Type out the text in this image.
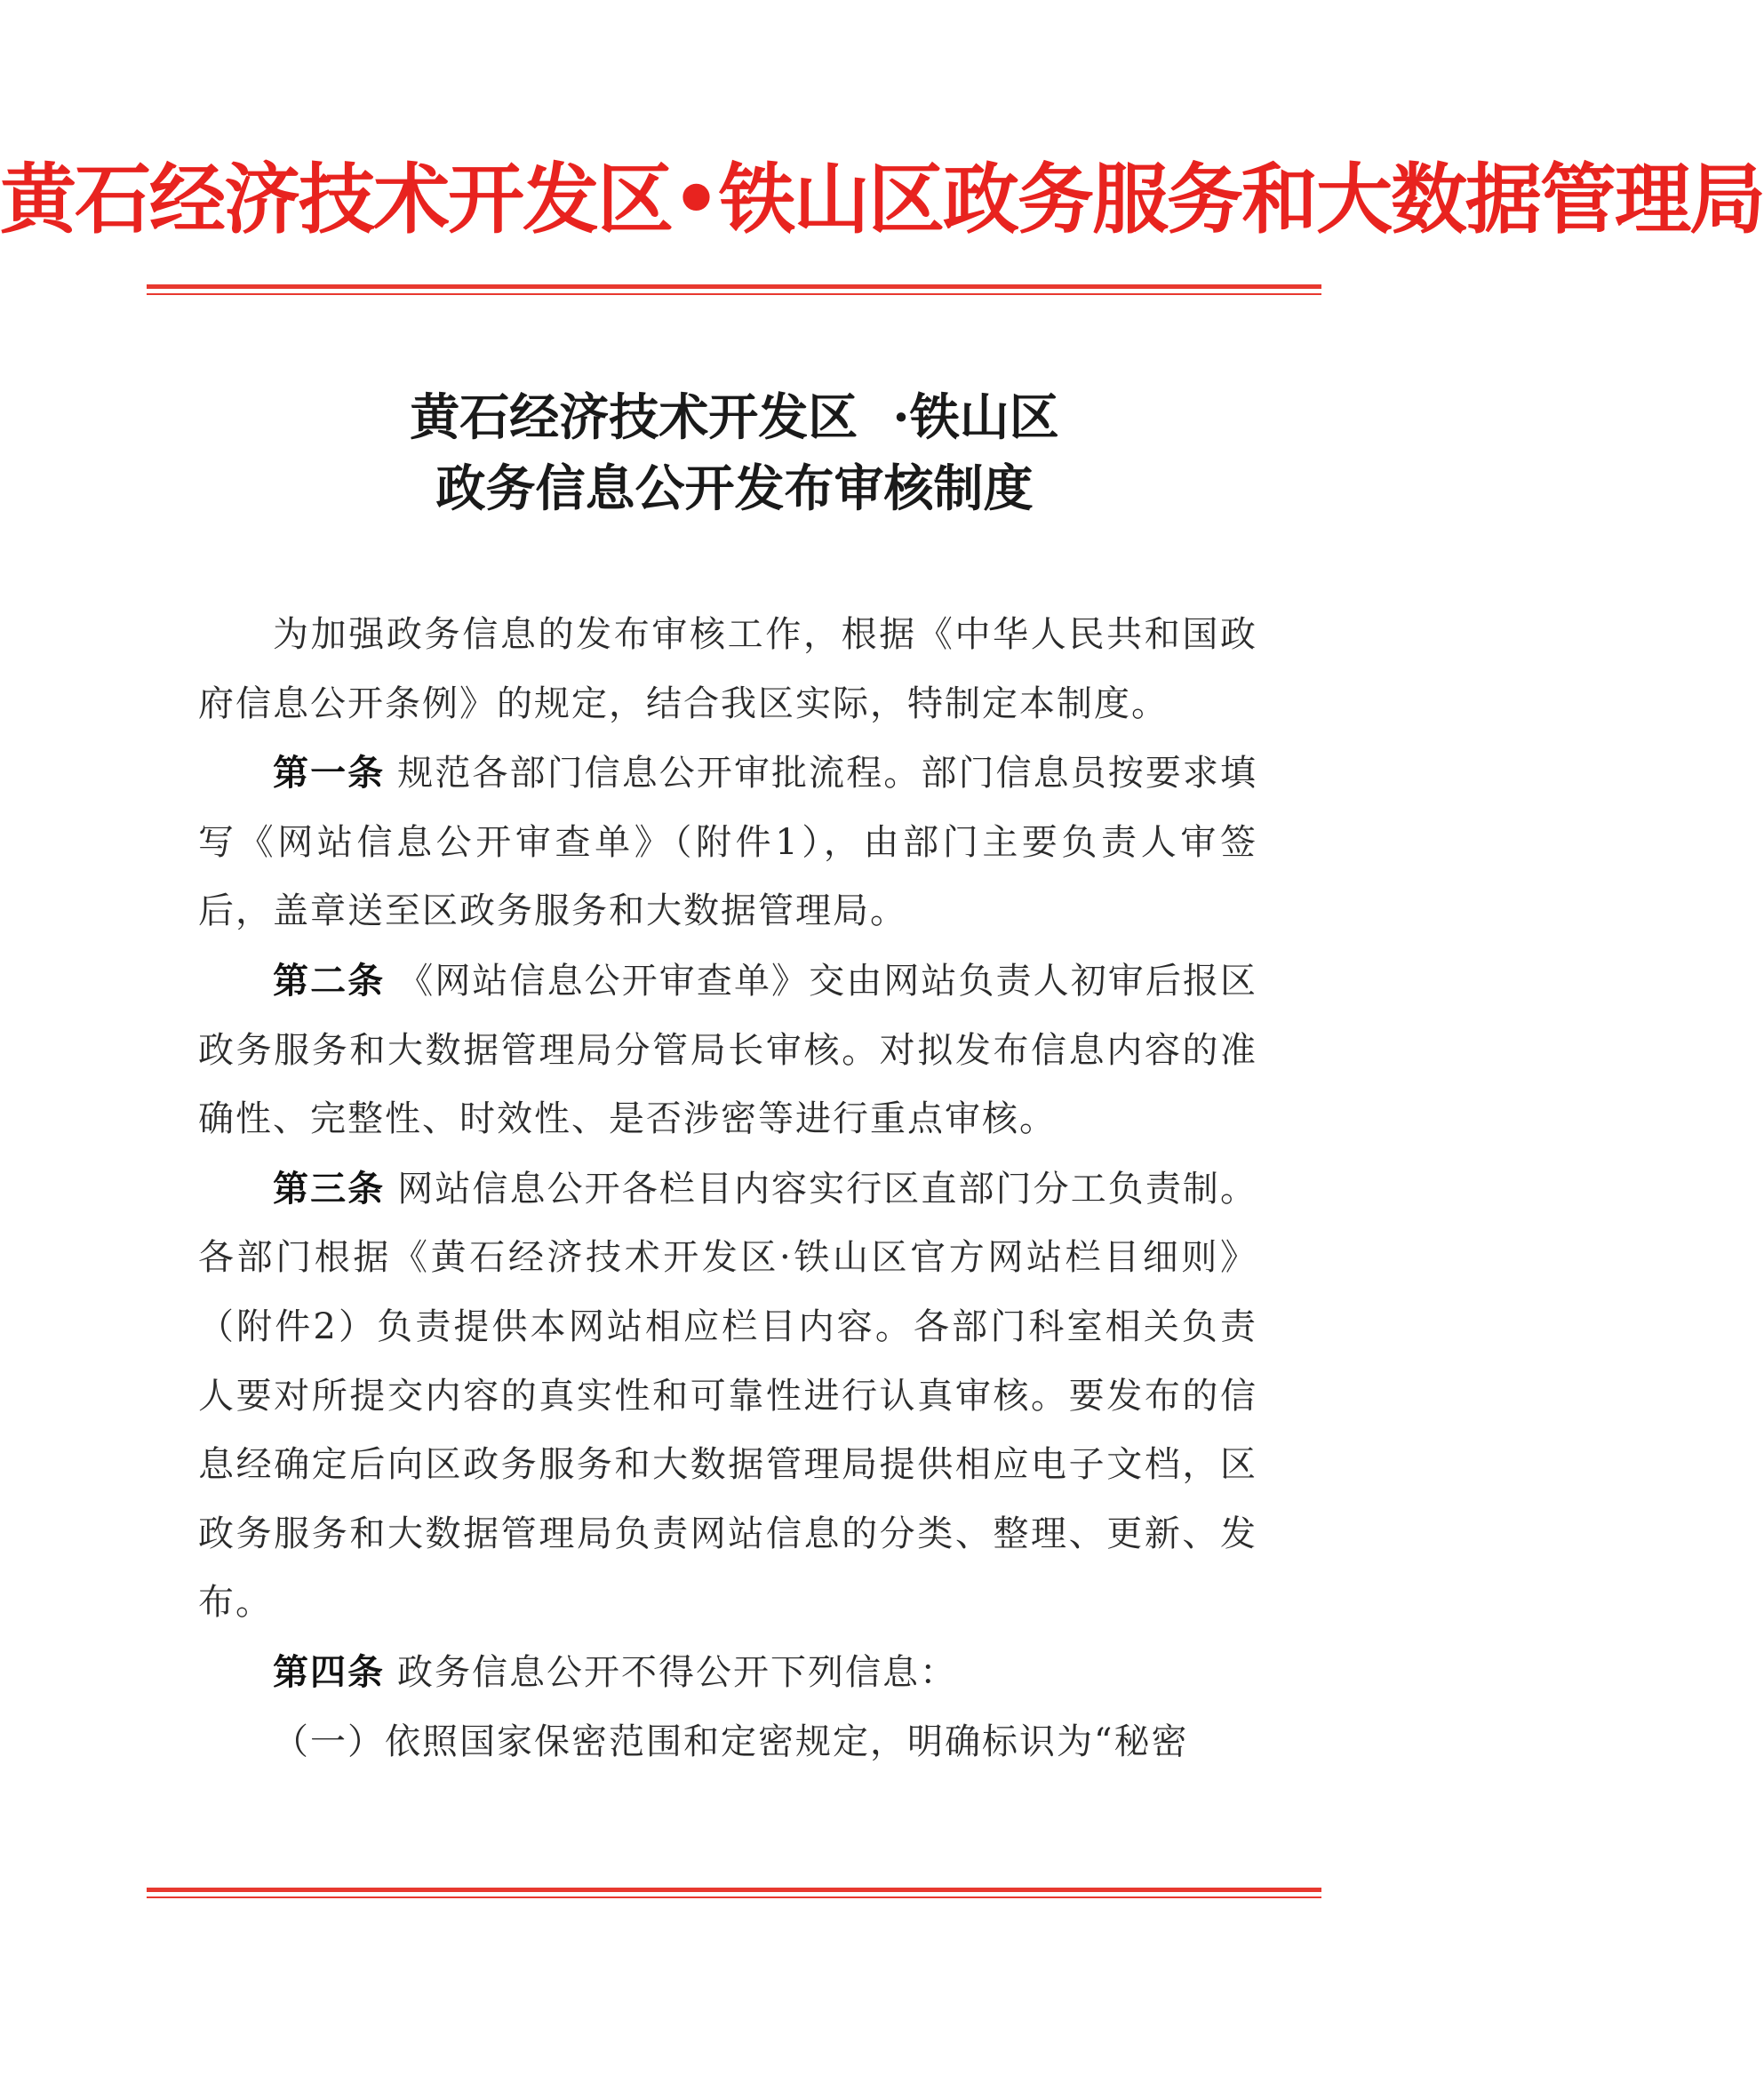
黄石经济技术开发区•铁山区政务服务和大数据管理局
黄石经济技术开发区  ·铁山区
政务信息公开发布审核制度

为加强政务信息的发布审核工作，根据《中华人民共和国政府信息公开条例》的规定，结合我区实际，特制定本制度。

第一条 规范各部门信息公开审批流程。部门信息员按要求填写《网站信息公开审查单》（附件1），由部门主要负责人审签后，盖章送至区政务服务和大数据管理局。

第二条 《网站信息公开审查单》交由网站负责人初审后报区政务服务和大数据管理局分管局长审核。对拟发布信息内容的准确性、完整性、时效性、是否涉密等进行重点审核。

第三条 网站信息公开各栏目内容实行区直部门分工负责制。各部门根据《黄石经济技术开发区·铁山区官方网站栏目细则》（附件2）负责提供本网站相应栏目内容。各部门科室相关负责人要对所提交内容的真实性和可靠性进行认真审核。要发布的信息经确定后向区政务服务和大数据管理局提供相应电子文档，区政务服务和大数据管理局负责网站信息的分类、整理、更新、发布。

第四条 政务信息公开不得公开下列信息：

（一）依照国家保密范围和定密规定，明确标识为“秘密
